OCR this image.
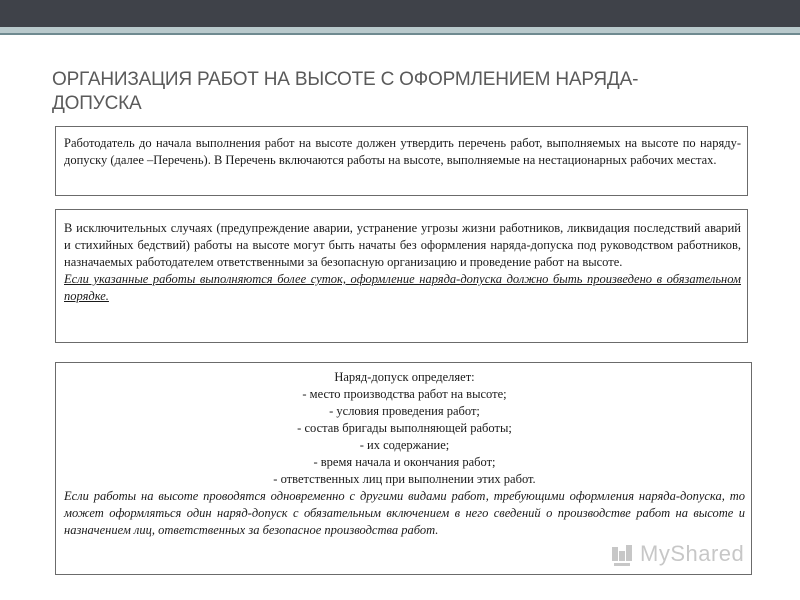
ОРГАНИЗАЦИЯ РАБОТ НА ВЫСОТЕ С ОФОРМЛЕНИЕМ НАРЯДА-ДОПУСКА

Работодатель до начала выполнения работ на высоте должен утвердить перечень работ, выполняемых на высоте по наряду-допуску (далее –Перечень). В Перечень включаются работы на высоте, выполняемые на нестационарных рабочих местах.

В исключительных случаях (предупреждение аварии, устранение угрозы жизни работников, ликвидация последствий аварий и стихийных бедствий) работы на высоте могут быть начаты без оформления наряда-допуска под руководством работников, назначаемых работодателем ответственными за безопасную организацию и проведение работ на высоте.

Если указанные работы выполняются более суток, оформление наряда-допуска должно быть произведено в обязательном порядке.

Наряд-допуск определяет:

- место производства работ на высоте;

- условия проведения работ;

- состав бригады выполняющей работы;

- их содержание;

- время начала и окончания работ;

- ответственных лиц при выполнении этих работ.

Если работы на высоте проводятся одновременно с другими видами работ, требующими оформления наряда-допуска, то может оформляться один наряд-допуск с обязательным включением в него сведений о производстве работ на высоте и назначением лиц, ответственных за безопасное производства работ.

MyShared
